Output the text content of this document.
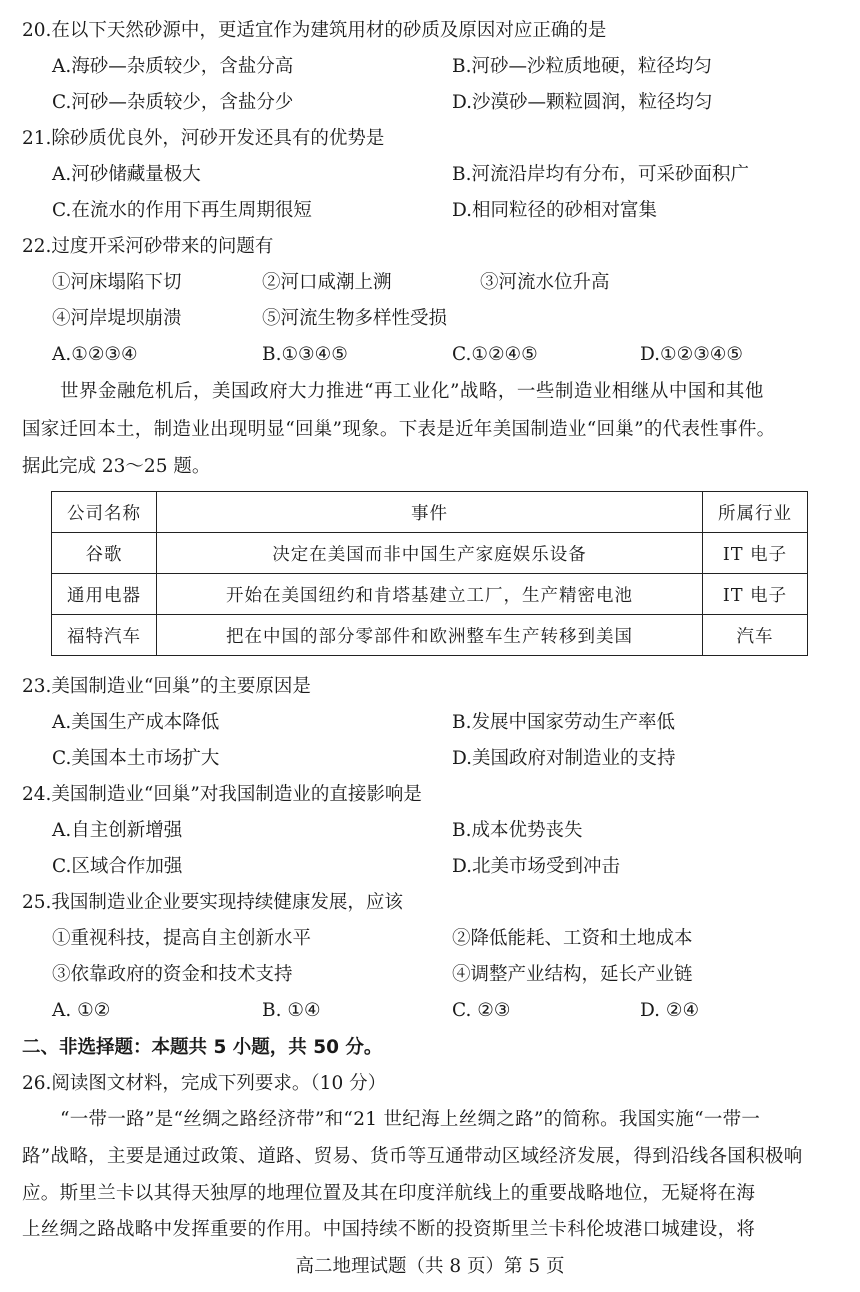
20.在以下天然砂源中，更适宜作为建筑用材的砂质及原因对应正确的是
A.海砂—杂质较少，含盐分高	B.河砂—沙粒质地硬，粒径均匀
C.河砂—杂质较少，含盐分少	D.沙漠砂—颗粒圆润，粒径均匀
21.除砂质优良外，河砂开发还具有的优势是
A.河砂储藏量极大	B.河流沿岸均有分布，可采砂面积广
C.在流水的作用下再生周期很短	D.相同粒径的砂相对富集
22.过度开采河砂带来的问题有
①河床塌陷下切	②河口咸潮上溯	③河流水位升高
④河岸堤坝崩溃	⑤河流生物多样性受损
A.①②③④	B.①③④⑤	C.①②④⑤	D.①②③④⑤
世界金融危机后，美国政府大力推进“再工业化”战略，一些制造业相继从中国和其他
国家迁回本土，制造业出现明显“回巢”现象。下表是近年美国制造业“回巢”的代表性事件。
据此完成 23～25 题。
公司名称	事件	所属行业
谷歌	决定在美国而非中国生产家庭娱乐设备	IT 电子
通用电器	开始在美国纽约和肯塔基建立工厂，生产精密电池	IT 电子
福特汽车	把在中国的部分零部件和欧洲整车生产转移到美国	汽车
23.美国制造业“回巢”的主要原因是
A.美国生产成本降低	B.发展中国家劳动生产率低
C.美国本土市场扩大	D.美国政府对制造业的支持
24.美国制造业“回巢”对我国制造业的直接影响是
A.自主创新增强	B.成本优势丧失
C.区域合作加强	D.北美市场受到冲击
25.我国制造业企业要实现持续健康发展，应该
①重视科技，提高自主创新水平	②降低能耗、工资和土地成本
③依靠政府的资金和技术支持	④调整产业结构，延长产业链
A. ①②	B. ①④	C. ②③	D. ②④
二、非选择题：本题共 5 小题，共 50 分。
26.阅读图文材料，完成下列要求。（10 分）
“一带一路”是“丝绸之路经济带”和“21 世纪海上丝绸之路”的简称。我国实施“一带一
路”战略，主要是通过政策、道路、贸易、货币等互通带动区域经济发展，得到沿线各国积极响
应。斯里兰卡以其得天独厚的地理位置及其在印度洋航线上的重要战略地位，无疑将在海
上丝绸之路战略中发挥重要的作用。中国持续不断的投资斯里兰卡科伦坡港口城建设，将
高二地理试题（共 8 页）第 5 页
